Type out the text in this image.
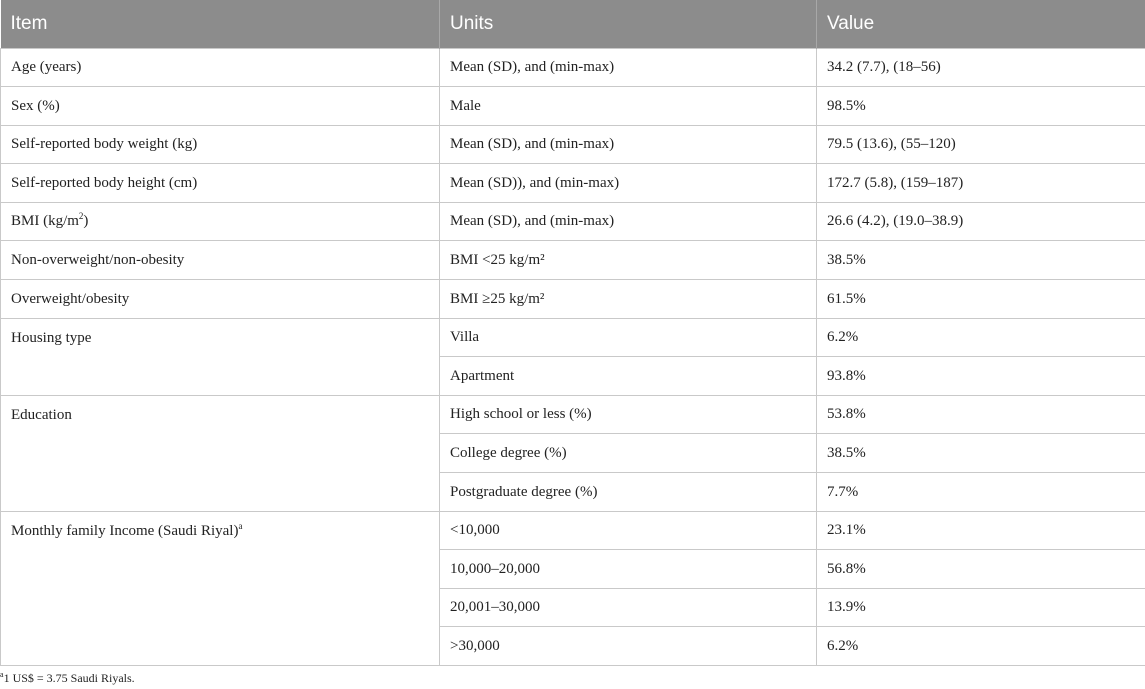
Item	Units	Value
Age (years)	Mean (SD), and (min-max)	34.2 (7.7), (18–56)
Sex (%)	Male	98.5%
Self-reported body weight (kg)	Mean (SD), and (min-max)	79.5 (13.6), (55–120)
Self-reported body height (cm)	Mean (SD)), and (min-max)	172.7 (5.8), (159–187)
BMI $(kg/m^2)$	Mean (SD), and (min-max)	26.6 (4.2), (19.0–38.9)
Non-overweight/non-obesity	BMI <25 kg/m²	38.5%
Overweight/obesity	BMI ≥25 kg/m²	61.5%
Housing type	Villa	6.2%
	Apartment	93.8%
Education	High school or less (%)	53.8%
	College degree (%)	38.5%
	Postgraduate degree (%)	7.7%
Monthly family Income (Saudi Riyal)$^a$	<10,000	23.1%
	10,000–20,000	56.8%
	20,001–30,000	13.9%
	>30,000	6.2%
$^a$1 US$ = 3.75 Saudi Riyals.
